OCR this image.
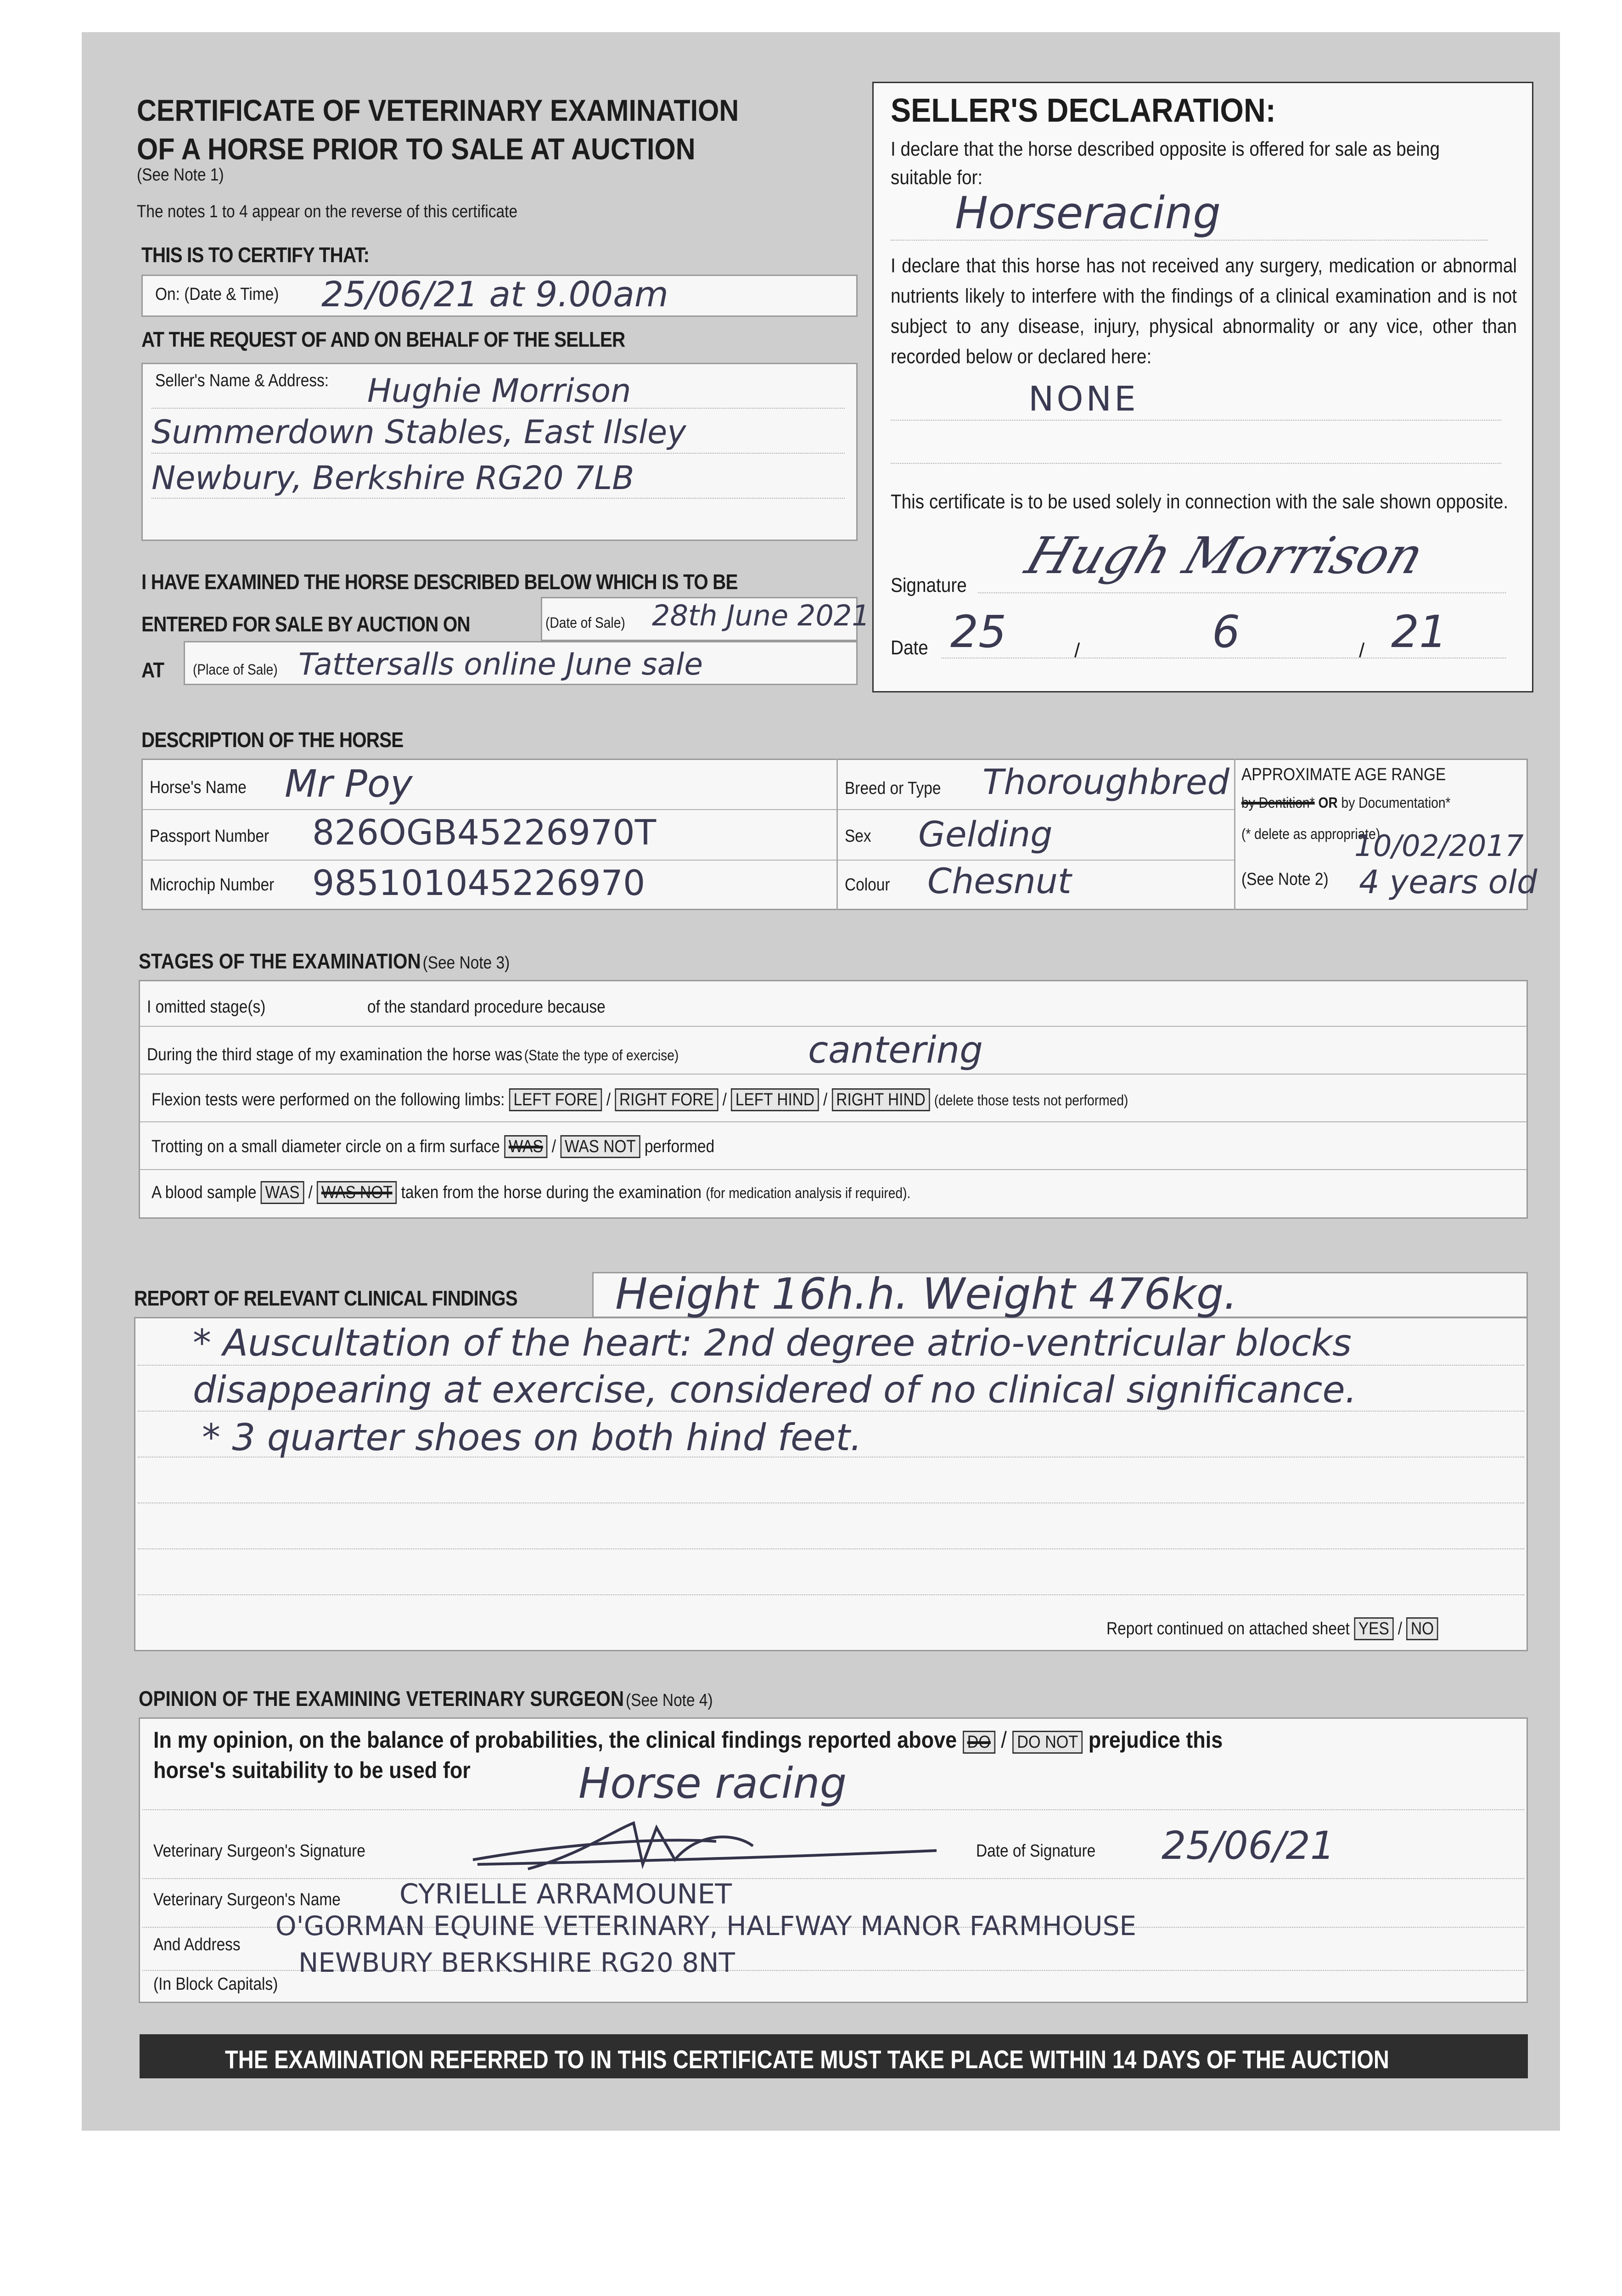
CERTIFICATE OF VETERINARY EXAMINATION
OF A HORSE PRIOR TO SALE AT AUCTION
(See Note 1)
The notes 1 to 4 appear on the reverse of this certificate
THIS IS TO CERTIFY THAT:
On: (Date & Time) 25/06/21 at 9.00am
AT THE REQUEST OF AND ON BEHALF OF THE SELLER
Seller's Name & Address: Hughie Morrison
Summerdown Stables, East Ilsley
Newbury, Berkshire RG20 7LB
I HAVE EXAMINED THE HORSE DESCRIBED BELOW WHICH IS TO BE
ENTERED FOR SALE BY AUCTION ON	(Date of Sale) 28th June 2021
AT (Place of Sale) Tattersalls online June sale
SELLER'S DECLARATION:
I declare that the horse described opposite is offered for sale as being suitable for:
Horseracing
I declare that this horse has not received any surgery, medication or abnormal nutrients likely to interfere with the findings of a clinical examination and is not subject to any disease, injury, physical abnormality or any vice, other than recorded below or declared here:
NONE
This certificate is to be used solely in connection with the sale shown opposite.
Signature
Hugh Morrison
Date 25	/	6	/ 21
DESCRIPTION OF THE HORSE
Horse's Name Mr Poy
Passport Number 826OGB45226970T
Microchip Number 985101045226970
Breed or Type Thoroughbred
Sex Gelding
Colour Chesnut
APPROXIMATE AGE RANGE
by Dentition* OR by Documentation*
(* delete as appropriate)
(See Note 2)
10/02/2017
4 years old
STAGES OF THE EXAMINATION (See Note 3)
I omitted stage(s)	of the standard procedure because
During the third stage of my examination the horse was (State the type of exercise)	cantering
Flexion tests were performed on the following limbs: LEFT FORE / RIGHT FORE / LEFT HIND / RIGHT HIND (delete those tests not performed)
Trotting on a small diameter circle on a firm surface WAS / WAS NOT performed
A blood sample WAS / WAS NOT taken from the horse during the examination (for medication analysis if required).
REPORT OF RELEVANT CLINICAL FINDINGS Height 16h.h. Weight 476kg.
* Auscultation of the heart: 2nd degree atrio-ventricular blocks
disappearing at exercise, considered of no clinical significance.
* 3 quarter shoes on both hind feet.
Report continued on attached sheet YES / NO
OPINION OF THE EXAMINING VETERINARY SURGEON (See Note 4)
In my opinion, on the balance of probabilities, the clinical findings reported above DO / DO NOT prejudice this
horse's suitability to be used for	Horse racing
Veterinary Surgeon's Signature	Date of Signature 25/06/21
Veterinary Surgeon's Name CYRIELLE ARRAMOUNET
And Address
(In Block Capitals)
O'GORMAN EQUINE VETERINARY, HALFWAY MANOR FARMHOUSE
NEWBURY BERKSHIRE RG20 8NT
THE EXAMINATION REFERRED TO IN THIS CERTIFICATE MUST TAKE PLACE WITHIN 14 DAYS OF THE AUCTION
